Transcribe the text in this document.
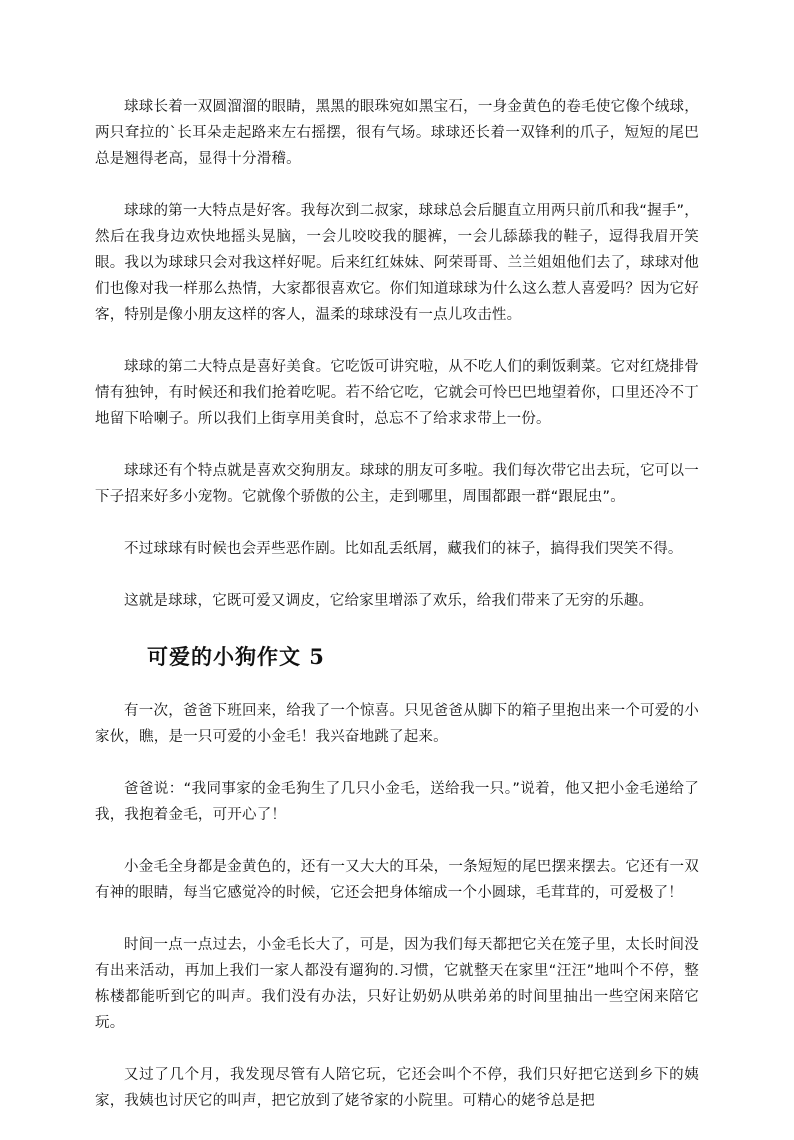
球球长着一双圆溜溜的眼睛，黑黑的眼珠宛如黑宝石，一身金黄色的卷毛使它像个绒球，两只耷拉的`长耳朵走起路来左右摇摆，很有气场。球球还长着一双锋利的爪子，短短的尾巴总是翘得老高，显得十分滑稽。

球球的第一大特点是好客。我每次到二叔家，球球总会后腿直立用两只前爪和我“握手”，然后在我身边欢快地摇头晃脑，一会儿咬咬我的腿裤，一会儿舔舔我的鞋子，逗得我眉开笑眼。我以为球球只会对我这样好呢。后来红红妹妹、阿荣哥哥、兰兰姐姐他们去了，球球对他们也像对我一样那么热情，大家都很喜欢它。你们知道球球为什么这么惹人喜爱吗？因为它好客，特别是像小朋友这样的客人，温柔的球球没有一点儿攻击性。

球球的第二大特点是喜好美食。它吃饭可讲究啦，从不吃人们的剩饭剩菜。它对红烧排骨情有独钟，有时候还和我们抢着吃呢。若不给它吃，它就会可怜巴巴地望着你，口里还冷不丁地留下哈喇子。所以我们上街享用美食时，总忘不了给求求带上一份。

球球还有个特点就是喜欢交狗朋友。球球的朋友可多啦。我们每次带它出去玩，它可以一下子招来好多小宠物。它就像个骄傲的公主，走到哪里，周围都跟一群“跟屁虫”。

不过球球有时候也会弄些恶作剧。比如乱丢纸屑，藏我们的袜子，搞得我们哭笑不得。

这就是球球，它既可爱又调皮，它给家里增添了欢乐，给我们带来了无穷的乐趣。

可爱的小狗作文 5

有一次，爸爸下班回来，给我了一个惊喜。只见爸爸从脚下的箱子里抱出来一个可爱的小家伙，瞧，是一只可爱的小金毛！我兴奋地跳了起来。

爸爸说：“我同事家的金毛狗生了几只小金毛，送给我一只。”说着，他又把小金毛递给了我，我抱着金毛，可开心了！

小金毛全身都是金黄色的，还有一又大大的耳朵，一条短短的尾巴摆来摆去。它还有一双有神的眼睛，每当它感觉冷的时候，它还会把身体缩成一个小圆球，毛茸茸的，可爱极了！

时间一点一点过去，小金毛长大了，可是，因为我们每天都把它关在笼子里，太长时间没有出来活动，再加上我们一家人都没有遛狗的.习惯，它就整天在家里“汪汪”地叫个不停，整栋楼都能听到它的叫声。我们没有办法，只好让奶奶从哄弟弟的时间里抽出一些空闲来陪它玩。

又过了几个月，我发现尽管有人陪它玩，它还会叫个不停，我们只好把它送到乡下的姨家，我姨也讨厌它的叫声，把它放到了姥爷家的小院里。可精心的姥爷总是把
